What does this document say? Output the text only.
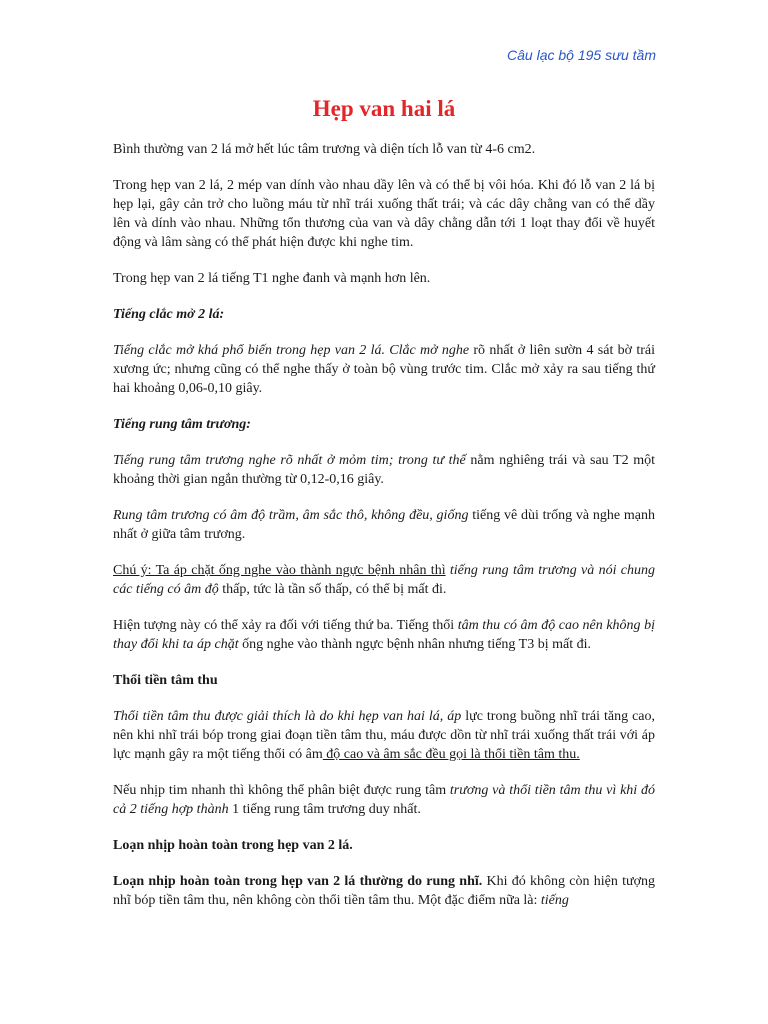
Câu lạc bộ 195 sưu tầm
Hẹp van hai lá

Bình thường van 2 lá mở hết lúc tâm trương và diện tích lỗ van từ 4-6 cm2.

Trong hẹp van 2 lá, 2 mép van dính vào nhau dầy lên và có thể bị vôi hóa. Khi đó lỗ van 2 lá bị hẹp lại, gây cản trở cho luồng máu từ nhĩ trái xuống thất trái; và các dây chằng van có thể dầy lên và dính vào nhau. Những tổn thương của van và dây chằng dẫn tới 1 loạt thay đổi về huyết động và lâm sàng có thể phát hiện được khi nghe tim.

Trong hẹp van 2 lá tiếng T1 nghe đanh và mạnh hơn lên.

Tiếng clắc mở 2 lá:

Tiếng clắc mở khá phổ biến trong hẹp van 2 lá. Clắc mở nghe rõ nhất ở liên sườn 4 sát bờ trái xương ức; nhưng cũng có thể nghe thấy ở toàn bộ vùng trước tim. Clắc mở xảy ra sau tiếng thứ hai khoảng 0,06-0,10 giây.

Tiếng rung tâm trương:

Tiếng rung tâm trương nghe rõ nhất ở mỏm tim; trong tư thế nằm nghiêng trái và sau T2 một khoảng thời gian ngắn thường từ 0,12-0,16 giây.

Rung tâm trương có âm độ trầm, âm sắc thô, không đều, giống tiếng vê dùi trống và nghe mạnh nhất ở giữa tâm trương.

Chú ý: Ta áp chặt ống nghe vào thành ngực bệnh nhân thì tiếng rung tâm trương và nói chung các tiếng có âm độ thấp, tức là tần số thấp, có thể bị mất đi.

Hiện tượng này có thể xảy ra đối với tiếng thứ ba. Tiếng thổi tâm thu có âm độ cao nên không bị thay đổi khi ta áp chặt ống nghe vào thành ngực bệnh nhân nhưng tiếng T3 bị mất đi.

Thổi tiền tâm thu

Thổi tiền tâm thu được giải thích là do khi hẹp van hai lá, áp lực trong buồng nhĩ trái tăng cao, nên khi nhĩ trái bóp trong giai đoạn tiền tâm thu, máu được dồn từ nhĩ trái xuống thất trái với áp lực mạnh gây ra một tiếng thổi có âm độ cao và âm sắc đều gọi là thổi tiền tâm thu.

Nếu nhịp tim nhanh thì không thể phân biệt được rung tâm trương và thổi tiền tâm thu vì khi đó cả 2 tiếng hợp thành 1 tiếng rung tâm trương duy nhất.

Loạn nhịp hoàn toàn trong hẹp van 2 lá.

Loạn nhịp hoàn toàn trong hẹp van 2 lá thường do rung nhĩ. Khi đó không còn hiện tượng nhĩ bóp tiền tâm thu, nên không còn thổi tiền tâm thu. Một đặc điểm nữa là: tiếng
